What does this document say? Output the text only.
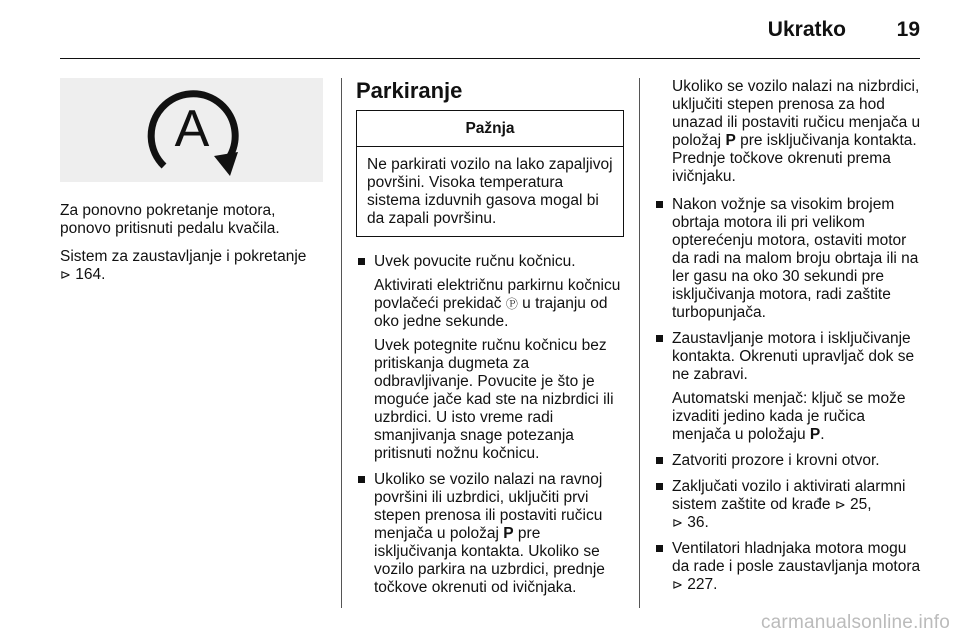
Ukratko	19
A

Za ponovno pokretanje motora, ponovo pritisnuti pedalu kvačila.

Sistem za zaustavljanje i pokretanje
⊳ 164.

Parkiranje
Pažnja
Ne parkirati vozilo na lako zapaljivoj površini. Visoka temperatura sistema izduvnih gasova mogal bi da zapali površinu.
Uvek povucite ručnu kočnicu.
Aktivirati električnu parkirnu kočnicu povlačeći prekidač Ⓟ u trajanju od oko jedne sekunde.
Uvek potegnite ručnu kočnicu bez pritiskanja dugmeta za odbravljivanje. Povucite je što je moguće jače kad ste na nizbrdici ili uzbrdici. U isto vreme radi smanjivanja snage potezanja pritisnuti nožnu kočnicu.
Ukoliko se vozilo nalazi na ravnoj površini ili uzbrdici, uključiti prvi stepen prenosa ili postaviti ručicu menjača u položaj P pre isključivanja kontakta. Ukoliko se vozilo parkira na uzbrdici, prednje točkove okrenuti od ivičnjaka.

Ukoliko se vozilo nalazi na nizbrdici, uključiti stepen prenosa za hod unazad ili postaviti ručicu menjača u položaj P pre isključivanja kontakta. Prednje točkove okrenuti prema ivičnjaku.

Nakon vožnje sa visokim brojem obrtaja motora ili pri velikom opterećenju motora, ostaviti motor da radi na malom broju obrtaja ili na ler gasu na oko 30 sekundi pre isključivanja motora, radi zaštite turbopunjača.
Zaustavljanje motora i isključivanje kontakta. Okrenuti upravljač dok se ne zabravi.
Automatski menjač: ključ se može izvaditi jedino kada je ručica menjača u položaju P.
Zatvoriti prozore i krovni otvor.
Zaključati vozilo i aktivirati alarmni sistem zaštite od krađe ⊳ 25,
⊳ 36.
Ventilatori hladnjaka motora mogu da rade i posle zaustavljanja motora ⊳ 227.
carmanualsonline.info
